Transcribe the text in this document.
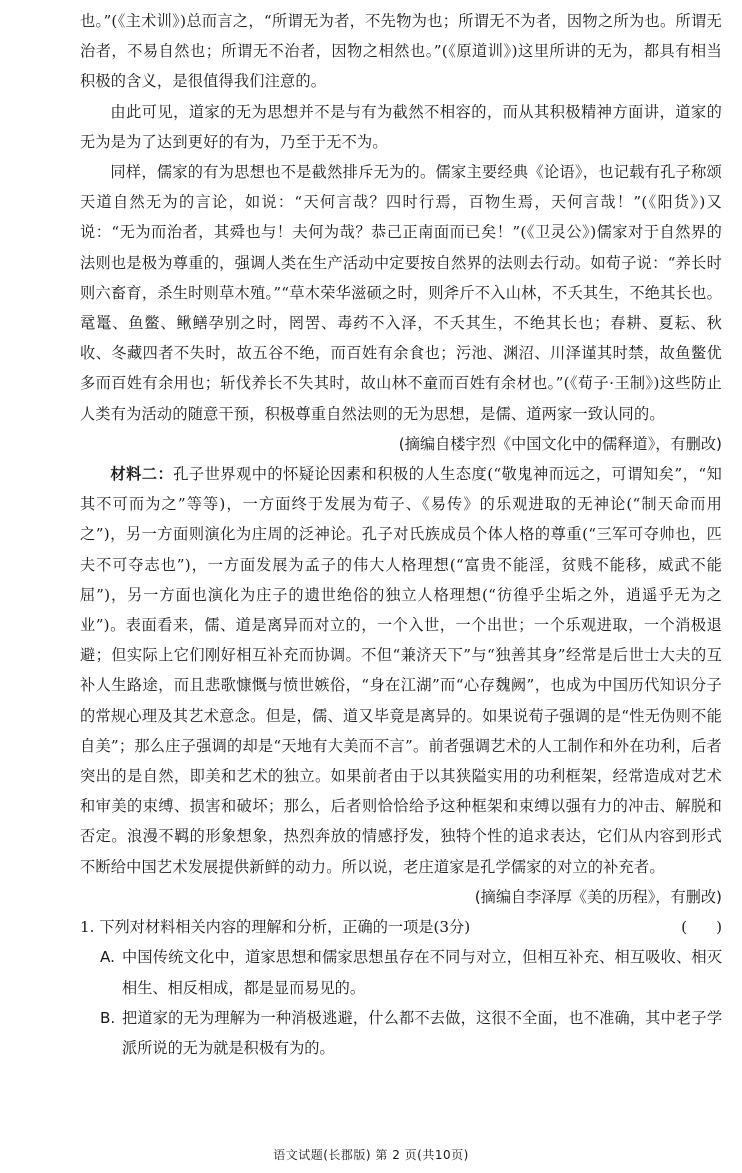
也。”(《主术训》)总而言之，“所谓无为者，不先物为也；所谓无不为者，因物之所为也。所谓无治者，不易自然也；所谓无不治者，因物之相然也。”(《原道训》)这里所讲的无为，都具有相当积极的含义，是很值得我们注意的。

由此可见，道家的无为思想并不是与有为截然不相容的，而从其积极精神方面讲，道家的无为是为了达到更好的有为，乃至于无不为。

同样，儒家的有为思想也不是截然排斥无为的。儒家主要经典《论语》，也记载有孔子称颂天道自然无为的言论，如说：“天何言哉？四时行焉，百物生焉，天何言哉！”(《阳货》)又说：“无为而治者，其舜也与！夫何为哉？恭己正南面而已矣！”(《卫灵公》)儒家对于自然界的法则也是极为尊重的，强调人类在生产活动中定要按自然界的法则去行动。如荀子说：“养长时则六畜育，杀生时则草木殖。”“草木荣华滋硕之时，则斧斤不入山林，不夭其生，不绝其长也。鼋鼍、鱼鳖、鳅鳝孕别之时，罔罟、毒药不入泽，不夭其生，不绝其长也；春耕、夏耘、秋收、冬藏四者不失时，故五谷不绝，而百姓有余食也；污池、渊沼、川泽谨其时禁，故鱼鳖优多而百姓有余用也；斩伐养长不失其时，故山林不童而百姓有余材也。”(《荀子·王制》)这些防止人类有为活动的随意干预，积极尊重自然法则的无为思想，是儒、道两家一致认同的。

(摘编自楼宇烈《中国文化中的儒释道》，有删改)

材料二：孔子世界观中的怀疑论因素和积极的人生态度(“敬鬼神而远之，可谓知矣”，“知其不可而为之”等等)，一方面终于发展为荀子、《易传》的乐观进取的无神论(“制天命而用之”)，另一方面则演化为庄周的泛神论。孔子对氏族成员个体人格的尊重(“三军可夺帅也，匹夫不可夺志也”)，一方面发展为孟子的伟大人格理想(“富贵不能淫，贫贱不能移，威武不能屈”)，另一方面也演化为庄子的遗世绝俗的独立人格理想(“彷徨乎尘垢之外，逍遥乎无为之业”)。表面看来，儒、道是离异而对立的，一个入世，一个出世；一个乐观进取，一个消极退避；但实际上它们刚好相互补充而协调。不但“兼济天下”与“独善其身”经常是后世士大夫的互补人生路途，而且悲歌慷慨与愤世嫉俗，“身在江湖”而“心存魏阙”，也成为中国历代知识分子的常规心理及其艺术意念。但是，儒、道又毕竟是离异的。如果说荀子强调的是“性无伪则不能自美”；那么庄子强调的却是“天地有大美而不言”。前者强调艺术的人工制作和外在功利，后者突出的是自然，即美和艺术的独立。如果前者由于以其狭隘实用的功利框架，经常造成对艺术和审美的束缚、损害和破坏；那么，后者则恰恰给予这种框架和束缚以强有力的冲击、解脱和否定。浪漫不羁的形象想象，热烈奔放的情感抒发，独特个性的追求表达，它们从内容到形式不断给中国艺术发展提供新鲜的动力。所以说，老庄道家是孔学儒家的对立的补充者。

(摘编自李泽厚《美的历程》，有删改)

1. 下列对材料相关内容的理解和分析，正确的一项是(3分)	(      )
A. 中国传统文化中，道家思想和儒家思想虽存在不同与对立，但相互补充、相互吸收、相灭相生、相反相成，都是显而易见的。
B. 把道家的无为理解为一种消极逃避，什么都不去做，这很不全面，也不准确，其中老子学派所说的无为就是积极有为的。
语文试题(长郡版) 第 2 页(共10页)
